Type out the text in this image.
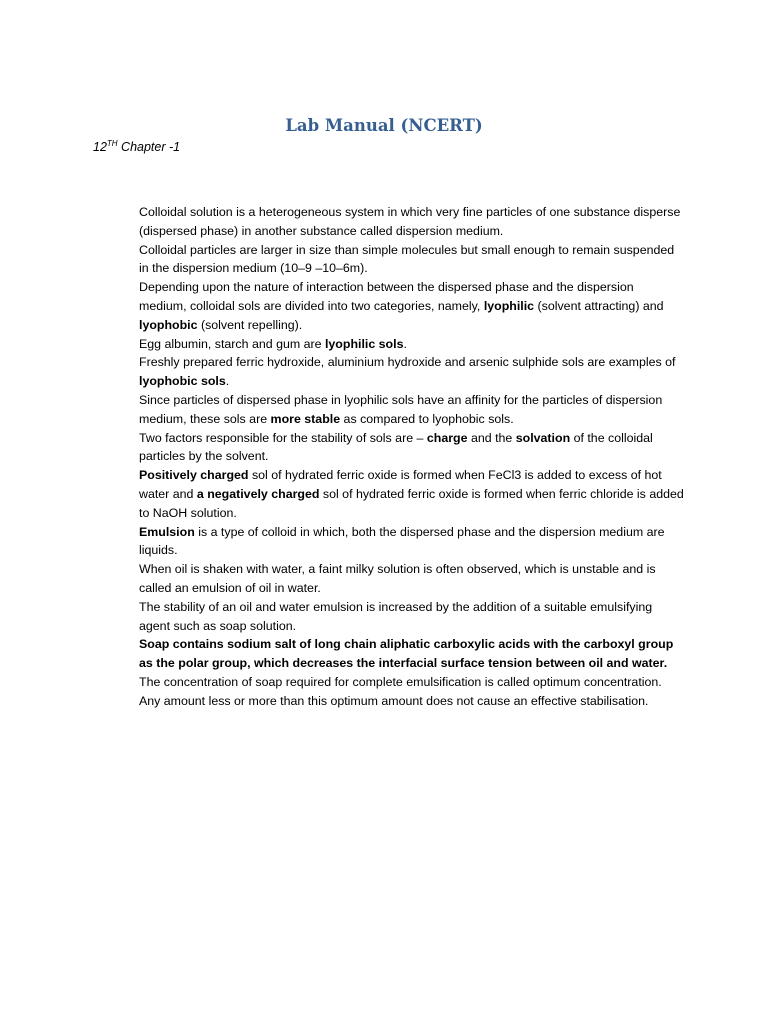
Lab Manual (NCERT)
12TH Chapter -1

Colloidal solution is a heterogeneous system in which very fine particles of one substance disperse (dispersed phase) in another substance called dispersion medium.

Colloidal particles are larger in size than simple molecules but small enough to remain suspended in the dispersion medium (10–9 –10–6m).

Depending upon the nature of interaction between the dispersed phase and the dispersion medium, colloidal sols are divided into two categories, namely, lyophilic (solvent attracting) and lyophobic (solvent repelling).

Egg albumin, starch and gum are lyophilic sols.

Freshly prepared ferric hydroxide, aluminium hydroxide and arsenic sulphide sols are examples of lyophobic sols.

Since particles of dispersed phase in lyophilic sols have an affinity for the particles of dispersion medium, these sols are more stable as compared to lyophobic sols.

Two factors responsible for the stability of sols are – charge and the solvation of the colloidal particles by the solvent.

Positively charged sol of hydrated ferric oxide is formed when FeCl3 is added to excess of hot water and a negatively charged sol of hydrated ferric oxide is formed when ferric chloride is added to NaOH solution.

Emulsion is a type of colloid in which, both the dispersed phase and the dispersion medium are liquids.

When oil is shaken with water, a faint milky solution is often observed, which is unstable and is called an emulsion of oil in water.

The stability of an oil and water emulsion is increased by the addition of a suitable emulsifying agent such as soap solution.

Soap contains sodium salt of long chain aliphatic carboxylic acids with the carboxyl group as the polar group, which decreases the interfacial surface tension between oil and water.

The concentration of soap required for complete emulsification is called optimum concentration. Any amount less or more than this optimum amount does not cause an effective stabilisation.
